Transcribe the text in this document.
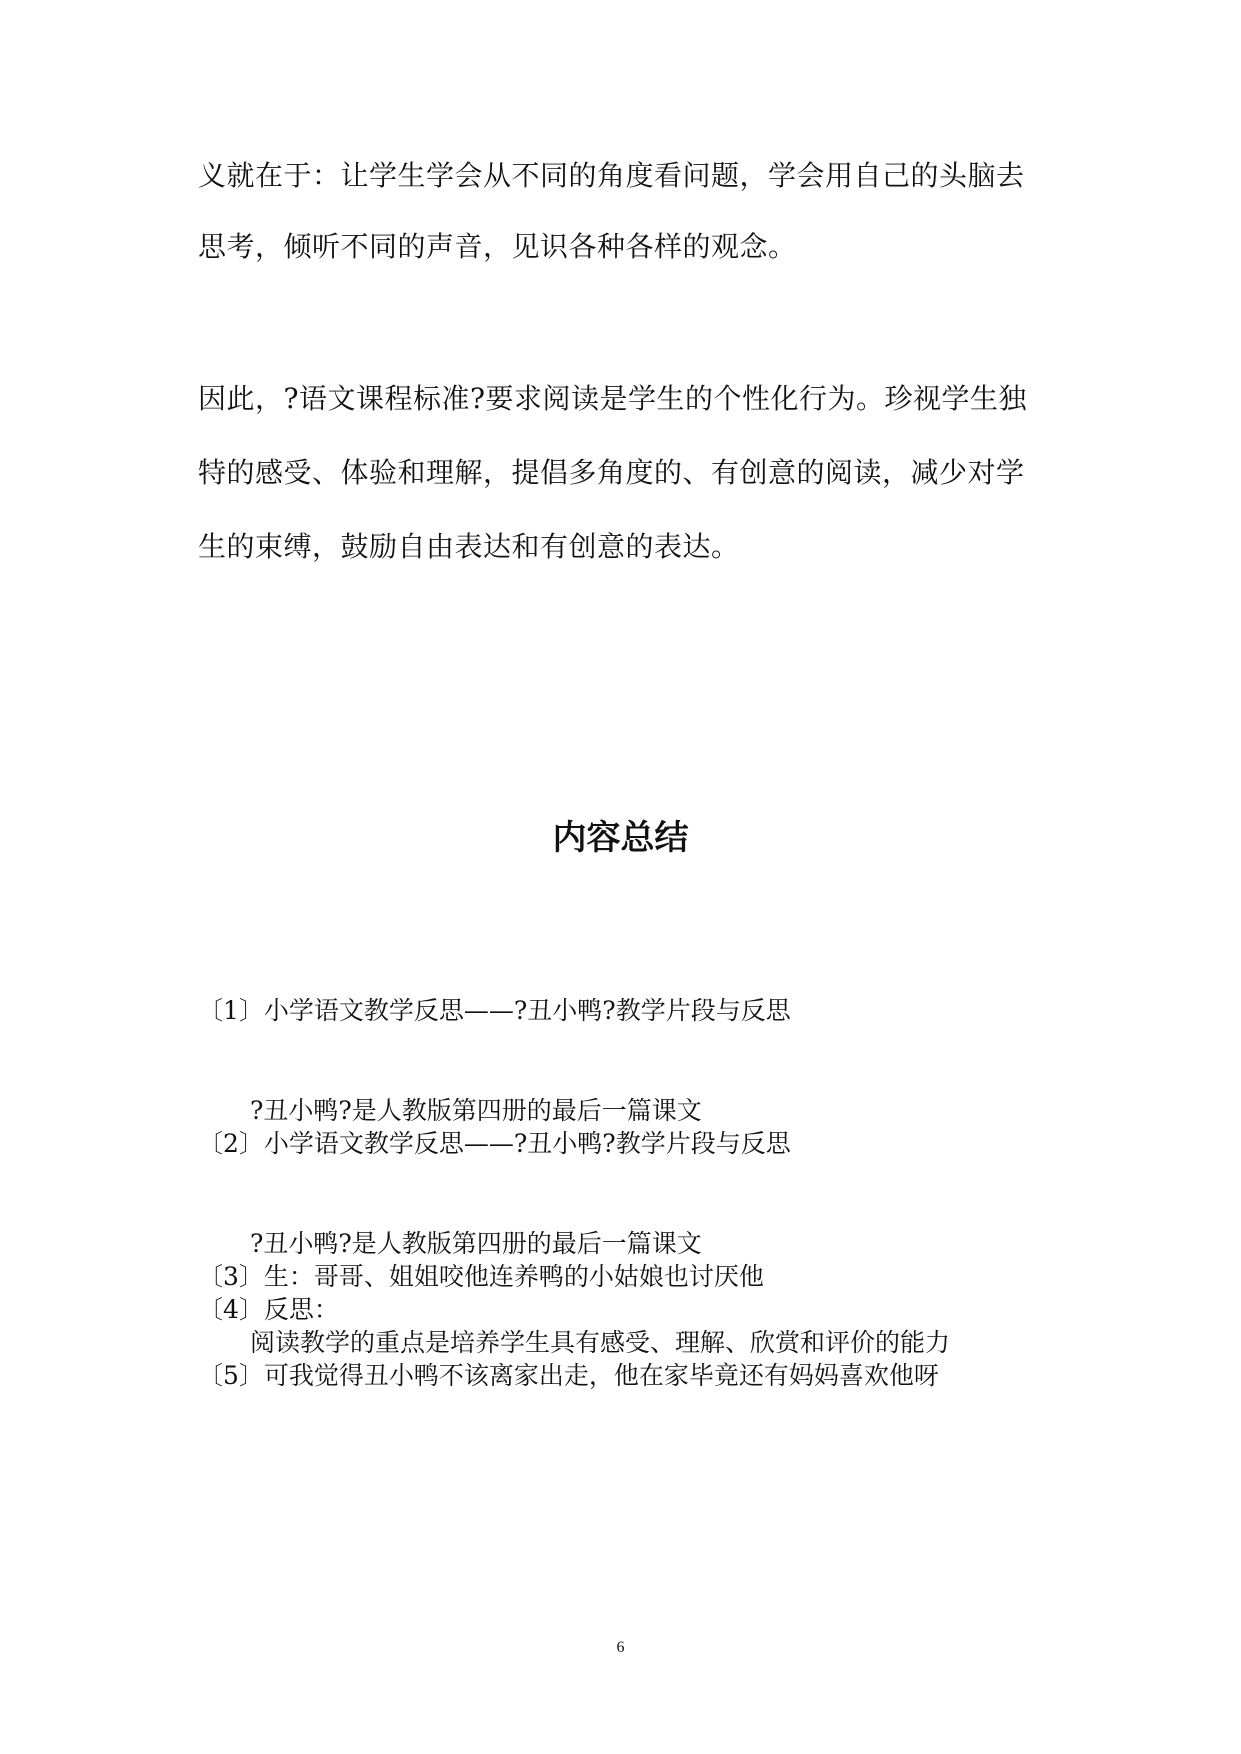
义就在于：让学生学会从不同的角度看问题，学会用自己的头脑去
思考，倾听不同的声音，见识各种各样的观念。
因此，?语文课程标准?要求阅读是学生的个性化行为。珍视学生独
特的感受、体验和理解，提倡多角度的、有创意的阅读，减少对学
生的束缚，鼓励自由表达和有创意的表达。
内容总结
〔1〕小学语文教学反思——?丑小鸭?教学片段与反思
?丑小鸭?是人教版第四册的最后一篇课文
〔2〕小学语文教学反思——?丑小鸭?教学片段与反思
?丑小鸭?是人教版第四册的最后一篇课文
〔3〕生：哥哥、姐姐咬他连养鸭的小姑娘也讨厌他
〔4〕反思：
阅读教学的重点是培养学生具有感受、理解、欣赏和评价的能力
〔5〕可我觉得丑小鸭不该离家出走，他在家毕竟还有妈妈喜欢他呀
6
